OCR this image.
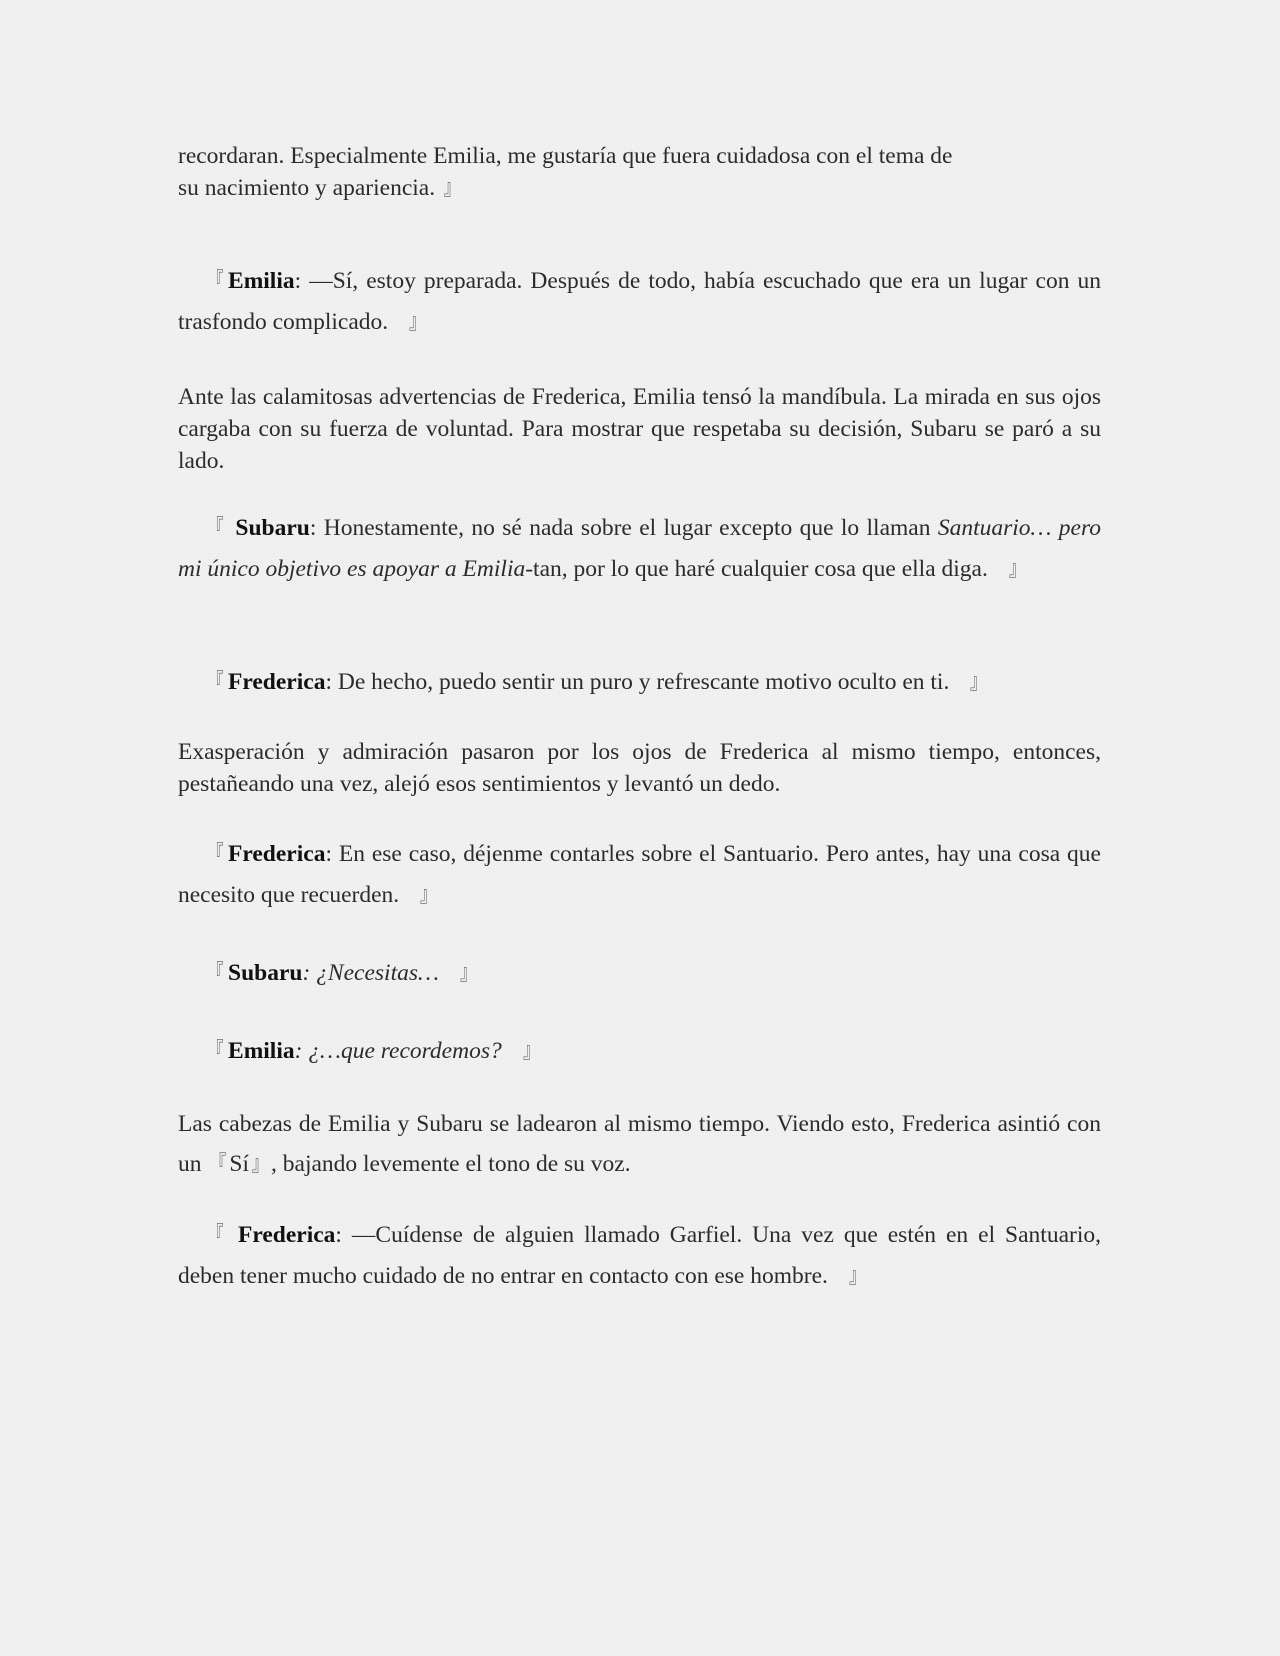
recordaran. Especialmente Emilia, me gustaría que fuera cuidadosa con el tema de
su nacimiento y apariencia. 』
『 Emilia: —Sí, estoy preparada. Después de todo, había escuchado que era un lugar con un trasfondo complicado. 』
Ante las calamitosas advertencias de Frederica, Emilia tensó la mandíbula. La mirada en sus ojos cargaba con su fuerza de voluntad. Para mostrar que respetaba su decisión, Subaru se paró a su lado.
『 Subaru: Honestamente, no sé nada sobre el lugar excepto que lo llaman Santuario… pero mi único objetivo es apoyar a Emilia-tan, por lo que haré cualquier cosa que ella diga. 』
『 Frederica: De hecho, puedo sentir un puro y refrescante motivo oculto en ti. 』
Exasperación y admiración pasaron por los ojos de Frederica al mismo tiempo, entonces, pestañeando una vez, alejó esos sentimientos y levantó un dedo.
『 Frederica: En ese caso, déjenme contarles sobre el Santuario. Pero antes, hay una cosa que necesito que recuerden. 』
『 Subaru: ¿Necesitas… 』
『 Emilia: ¿…que recordemos? 』
Las cabezas de Emilia y Subaru se ladearon al mismo tiempo. Viendo esto, Frederica asintió con un 『 Sí 』 , bajando levemente el tono de su voz.
『 Frederica: —Cuídense de alguien llamado Garfiel. Una vez que estén en el Santuario, deben tener mucho cuidado de no entrar en contacto con ese hombre. 』
